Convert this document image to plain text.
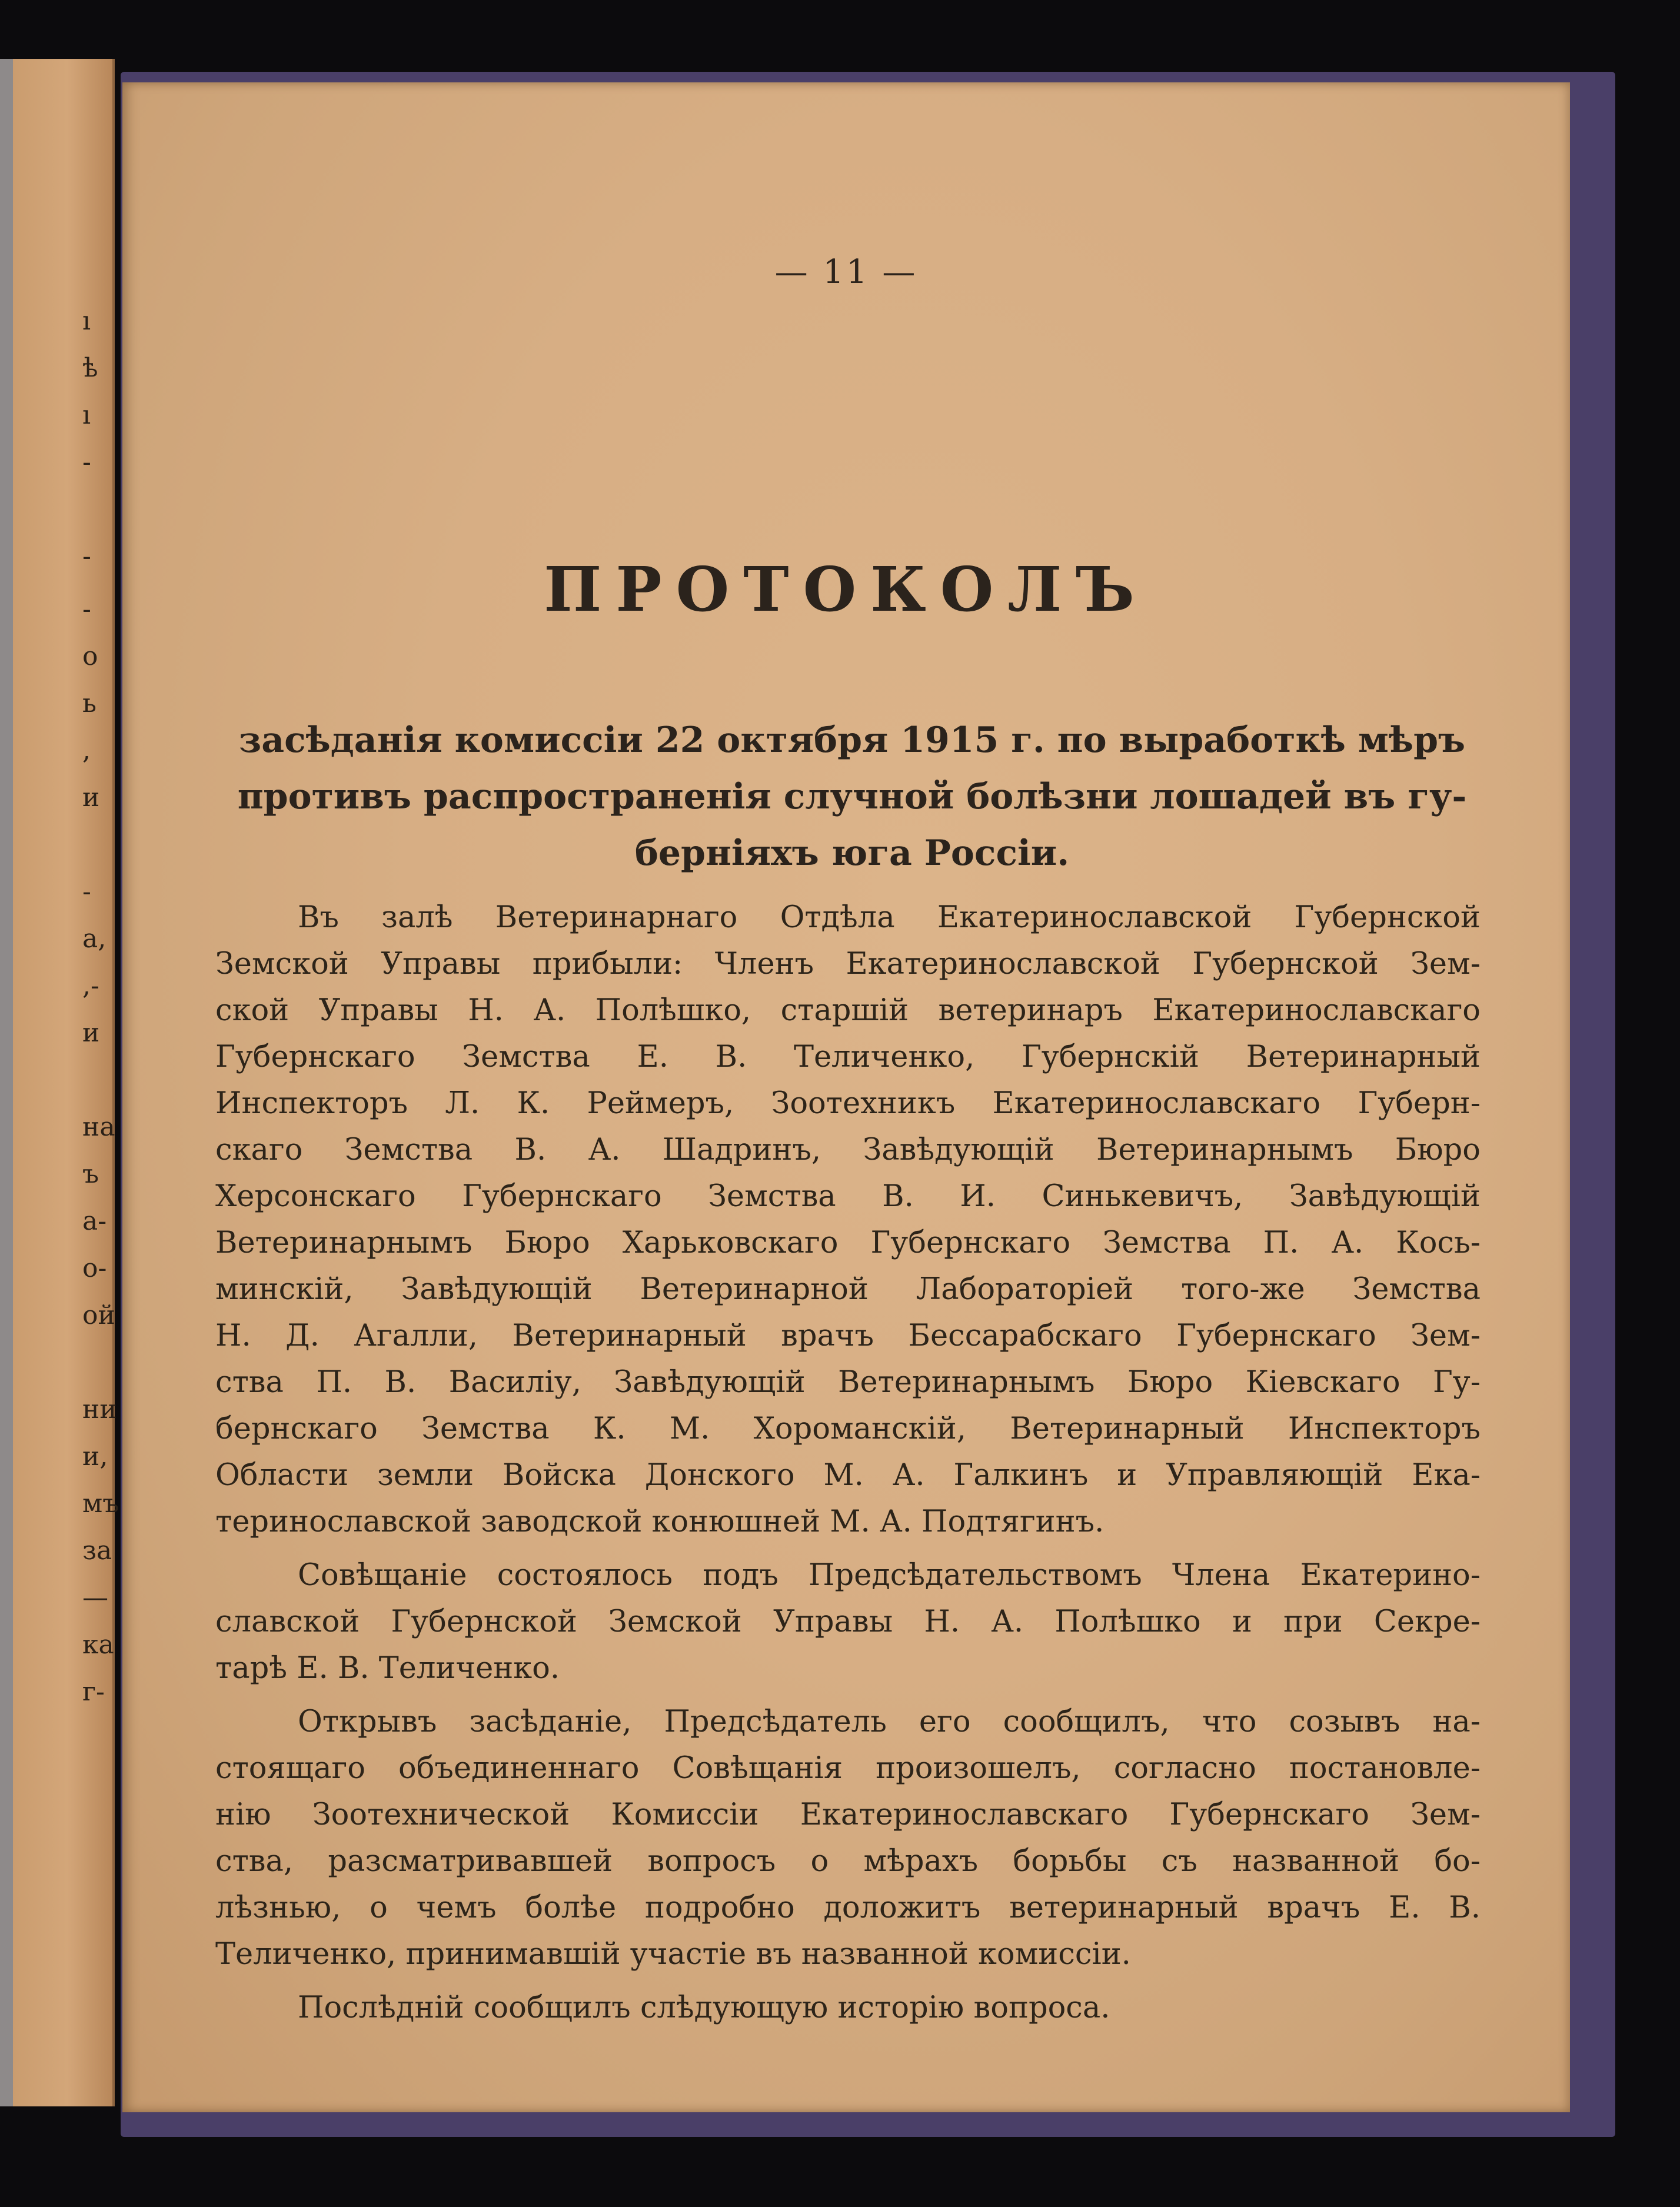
ı
ѣ
ı
-
-
-
о
ь
,
и
-
а,
,-
и
на
ъ
а-
о-
ой
ни
и,
мъ
за
—
ка
г-
— 11 —
ПРОТОКОЛЪ
засѣданія комиссіи 22 октября 1915 г. по выработкѣ мѣръ
противъ распространенія случной болѣзни лошадей въ гу-
берніяхъ юга Россіи.
Въ залѣ Ветеринарнаго Отдѣла Екатеринославской Губернской
Земской Управы прибыли: Членъ Екатеринославской Губернской Зем-
ской Управы Н. А. Полѣшко, старшій ветеринаръ Екатеринославскаго
Губернскаго Земства Е. В. Теличенко, Губернскій Ветеринарный
Инспекторъ Л. К. Реймеръ, Зоотехникъ Екатеринославскаго Губерн-
скаго Земства В. А. Шадринъ, Завѣдующій Ветеринарнымъ Бюро
Херсонскаго Губернскаго Земства В. И. Синькевичъ, Завѣдующій
Ветеринарнымъ Бюро Харьковскаго Губернскаго Земства П. А. Кось-
минскій, Завѣдующій Ветеринарной Лабораторіей того-же Земства
Н. Д. Агалли, Ветеринарный врачъ Бессарабскаго Губернскаго Зем-
ства П. В. Василіу, Завѣдующій Ветеринарнымъ Бюро Кіевскаго Гу-
бернскаго Земства К. М. Хороманскій, Ветеринарный Инспекторъ
Области земли Войска Донского М. А. Галкинъ и Управляющій Ека-
теринославской заводской конюшней М. А. Подтягинъ.
Совѣщаніе состоялось подъ Предсѣдательствомъ Члена Екатерино-
славской Губернской Земской Управы Н. А. Полѣшко и при Секре-
тарѣ Е. В. Теличенко.
Открывъ засѣданіе, Предсѣдатель его сообщилъ, что созывъ на-
стоящаго объединеннаго Совѣщанія произошелъ, согласно постановле-
нію Зоотехнической Комиссіи Екатеринославскаго Губернскаго Зем-
ства, разсматривавшей вопросъ о мѣрахъ борьбы съ названной бо-
лѣзнью, о чемъ болѣе подробно доложитъ ветеринарный врачъ Е. В.
Теличенко, принимавшій участіе въ названной комиссіи.
Послѣдній сообщилъ слѣдующую исторію вопроса.
